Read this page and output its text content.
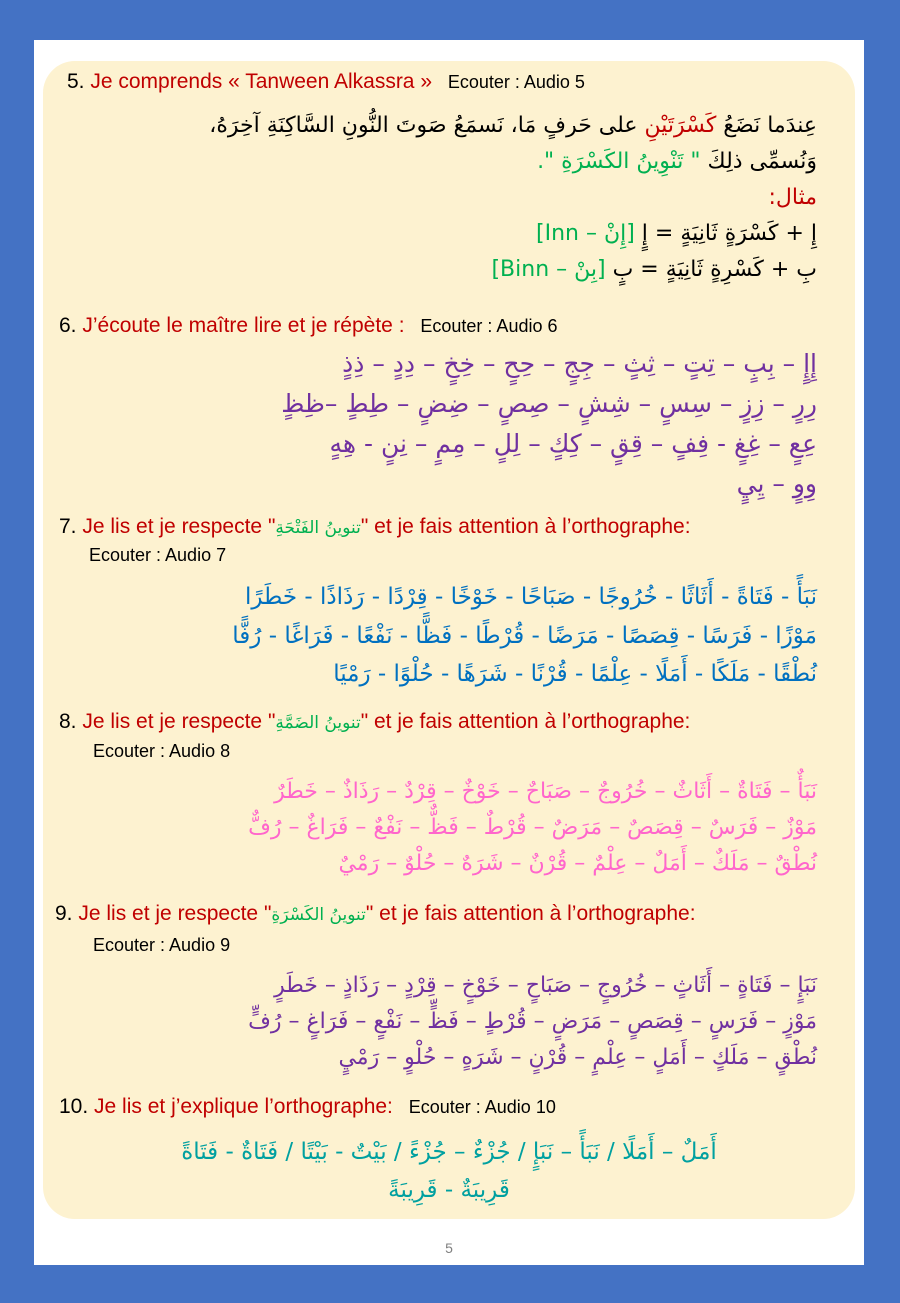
5. Je comprends « Tanween Alkassra » Ecouter : Audio 5
عِندَما نَضَعُ كَسْرَتَيْنِ على حَرفٍ مَا، نَسمَعُ صَوتَ النُّونِ السَّاكِنَةِ آخِرَهُ،
وَنُسمِّى ذلِكَ " تَنْوِينُ الكَسْرَةِ ".
مثال:
إِ + كَسْرَةٍ ثَانِيَةٍ = إٍ [إِنْ – Inn]
بِ + كَسْرِةٍ ثَانِيَةٍ = بٍ [بِنْ – Binn]
6. J’écoute le maître lire et je répète : Ecouter : Audio 6
إِإٍ – بِبٍ – تِتٍ – ثِثٍ – جِجٍ – حِحٍ – خِخٍ – دِدٍ – ذِذٍ
رِرٍ – زِزٍ – سِسٍ – شِشٍ – صِصٍ – ضِضٍ – طِطٍ –ظِظٍ
عِعٍ – غِغٍ - فِفٍ – قِقٍ – كِكٍ – لِلٍ – مِمٍ – نِنٍ - هِهٍ
وِوٍ – يِيٍ
7. Je lis et je respecte "تنوينُ الفَتْحَةِ" et je fais attention à l’orthographe:
Ecouter : Audio 7
نَبَأً - فَتَاةً - أَثَاثًا - خُرُوجًا - صَبَاحًا - خَوْخًا - قِرْدًا - رَذَاذًا - خَطَرًا
مَوْزًا - فَرَسًا - قِصَصًا - مَرَضًا - قُرْطًا - فَظًّا - نَفْعًا - فَرَاغًا - رُفًّا
نُطْقًا - مَلَكًا - أَمَلًا - عِلْمًا - قُرْنًا - شَرَهًا - حُلْوًا - رَمْيًا
8. Je lis et je respecte "تنوينُ الضَمَّةِ" et je fais attention à l’orthographe:
Ecouter : Audio 8
نَبَأٌ – فَتَاةٌ – أَثَاثٌ – خُرُوجٌ – صَبَاحٌ – خَوْخٌ – قِرْدٌ – رَذَاذٌ – خَطَرٌ
مَوْزٌ – فَرَسٌ – قِصَصٌ – مَرَضٌ – قُرْطٌ – فَظٌّ – نَفْعٌ – فَرَاغٌ – رُفٌّ
نُطْقٌ – مَلَكٌ – أَمَلٌ – عِلْمٌ – قُرْنٌ – شَرَهٌ – حُلْوٌ – رَمْيٌ
9. Je lis et je respecte "تنوينُ الكَسْرَةِ" et je fais attention à l’orthographe:
Ecouter : Audio 9
نَبَإٍ – فَتَاةٍ – أَثَاثٍ – خُرُوجٍ – صَبَاحٍ – خَوْخٍ – قِرْدٍ – رَذَاذٍ – خَطَرٍ
مَوْزٍ – فَرَسٍ – قِصَصٍ – مَرَضٍ – قُرْطٍ – فَظٍّ – نَفْعٍ – فَرَاغٍ – رُفٍّ
نُطْقٍ – مَلَكٍ – أَمَلٍ – عِلْمٍ – قُرْنٍ – شَرَهٍ – حُلْوٍ – رَمْيٍ
10. Je lis et j’explique l’orthographe: Ecouter : Audio 10
أَمَلٌ – أَمَلًا / نَبَأً – نَبَإٍ / جُزْءٌ – جُزْءً / بَيْتٌ - بَيْتًا / فَتَاةٌ - فَتَاةً
قَرِيبَةٌ - قَرِيبَةً
5
